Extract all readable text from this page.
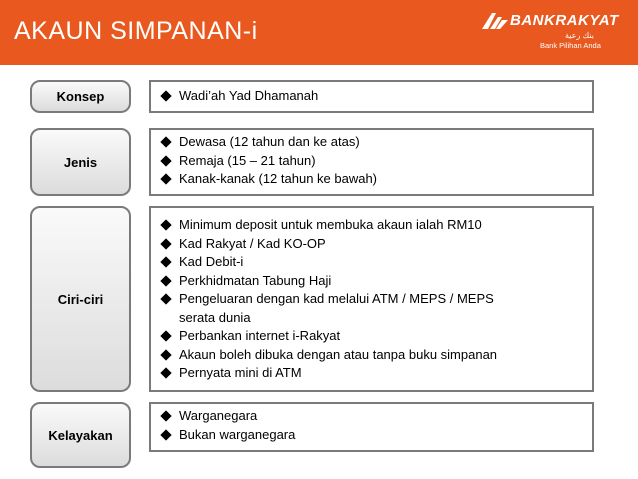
AKAUN SIMPANAN-i	BANKRAKYAT
بنك رعية
Bank Pilihan Anda
Konsep	Wadi’ah Yad Dhamanah
Jenis
Dewasa (12 tahun dan ke atas)
Remaja (15 – 21 tahun)
Kanak-kanak (12 tahun ke bawah)
Ciri-ciri
Minimum deposit untuk membuka akaun ialah RM10
Kad Rakyat / Kad KO-OP
Kad Debit-i
Perkhidmatan Tabung Haji
Pengeluaran dengan kad melalui ATM / MEPS / MEPS serata dunia
Perbankan internet i-Rakyat
Akaun boleh dibuka dengan atau tanpa buku simpanan
Pernyata mini di ATM
Kelayakan
Warganegara
Bukan warganegara
